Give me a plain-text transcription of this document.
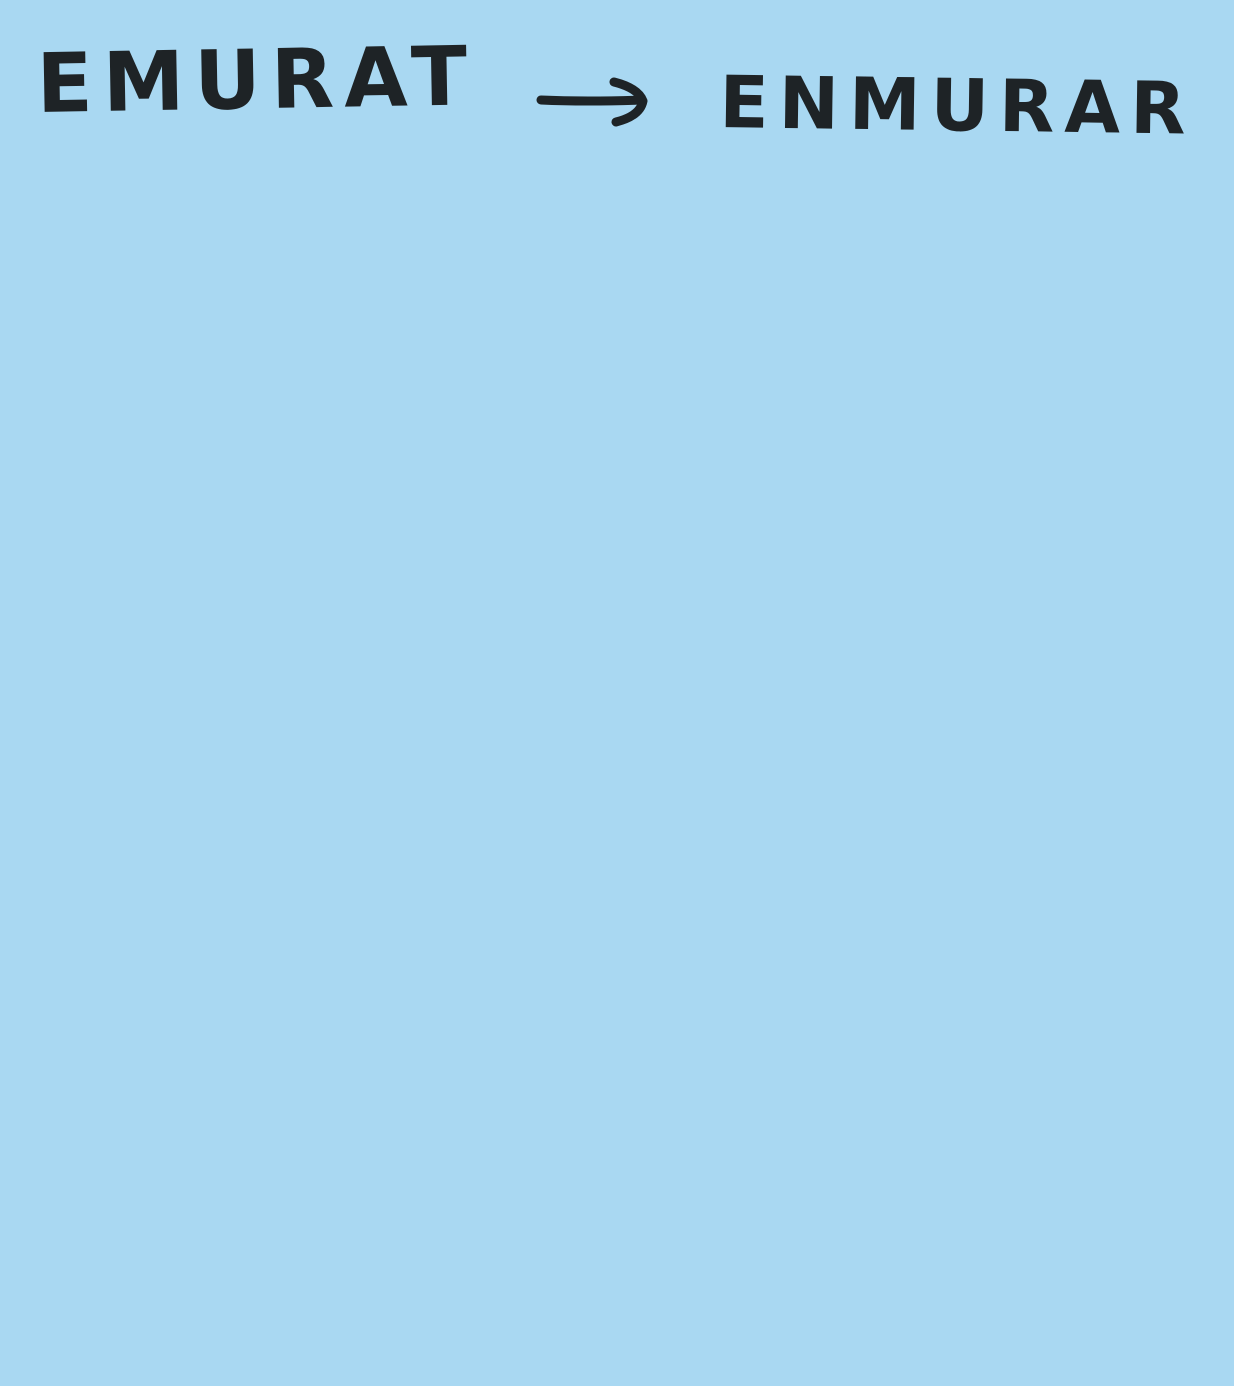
EMURAT	ENMURAR
